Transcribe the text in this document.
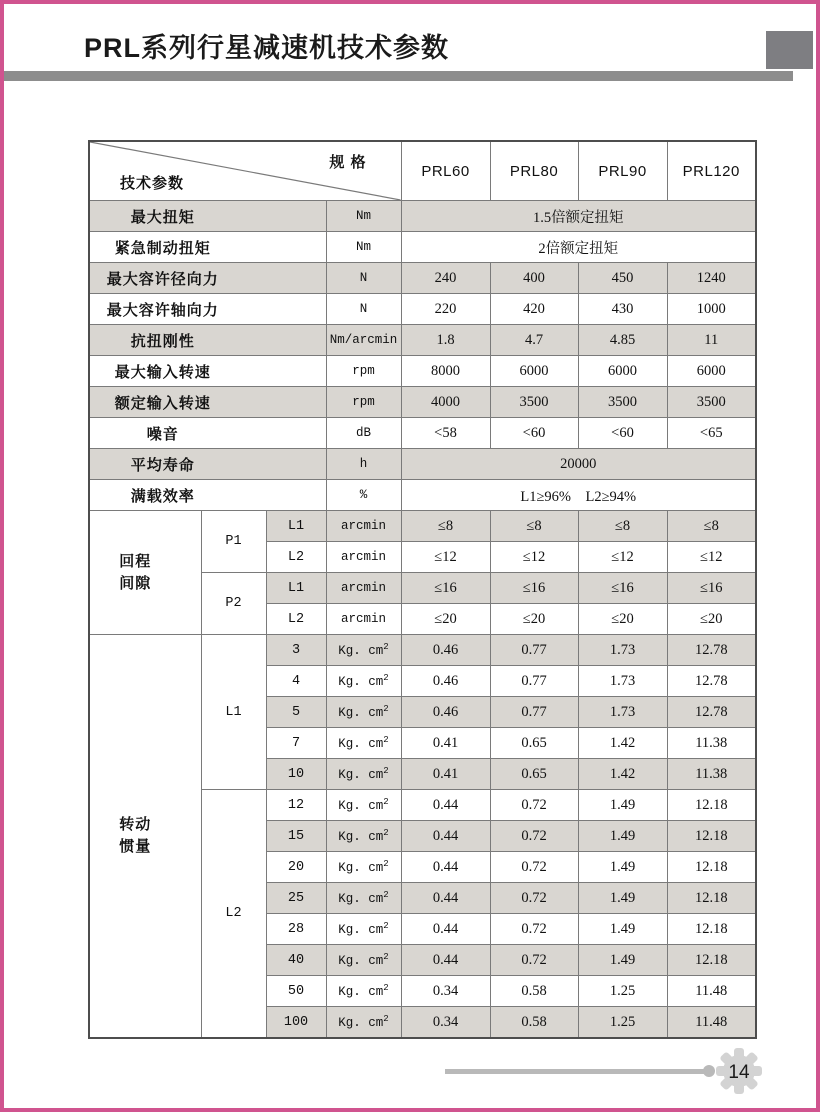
PRL系列行星减速机技术参数
规 格
技术参数				PRL60	PRL80	PRL90	PRL120
最大扭矩			Nm	1.5倍额定扭矩			
紧急制动扭矩			Nm	2倍额定扭矩			
最大容许径向力			N	240	400	450	1240
最大容许轴向力			N	220	420	430	1000
抗扭刚性			Nm/arcmin	1.8	4.7	4.85	11
最大输入转速			rpm	8000	6000	6000	6000
额定输入转速			rpm	4000	3500	3500	3500
噪音			dB	<58	<60	<60	<65
平均寿命			h	20000			
满载效率			%	L1≥96%　L2≥94%			
回程
间隙	P1	L1	arcmin	≤8	≤8	≤8	≤8
		L2	arcmin	≤12	≤12	≤12	≤12
	P2	L1	arcmin	≤16	≤16	≤16	≤16
		L2	arcmin	≤20	≤20	≤20	≤20
转动
惯量	L1	3	Kg. $cm^2$	0.46	0.77	1.73	12.78
		4	Kg. $cm^2$	0.46	0.77	1.73	12.78
		5	Kg. $cm^2$	0.46	0.77	1.73	12.78
		7	Kg. $cm^2$	0.41	0.65	1.42	11.38
		10	Kg. $cm^2$	0.41	0.65	1.42	11.38
	L2	12	Kg. $cm^2$	0.44	0.72	1.49	12.18
		15	Kg. $cm^2$	0.44	0.72	1.49	12.18
		20	Kg. $cm^2$	0.44	0.72	1.49	12.18
		25	Kg. $cm^2$	0.44	0.72	1.49	12.18
		28	Kg. $cm^2$	0.44	0.72	1.49	12.18
		40	Kg. $cm^2$	0.44	0.72	1.49	12.18
		50	Kg. $cm^2$	0.34	0.58	1.25	11.48
		100	Kg. $cm^2$	0.34	0.58	1.25	11.48
14
